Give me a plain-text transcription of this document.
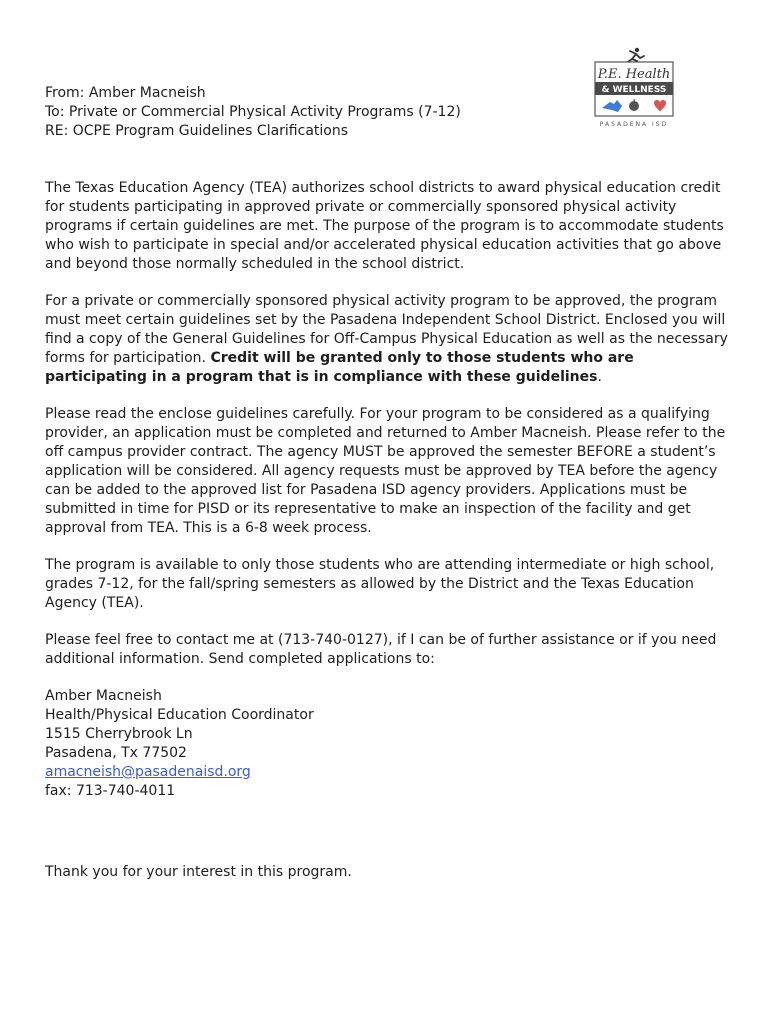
P.E. Health
& WELLNESS
PASADENA ISD
From: Amber Macneish
To: Private or Commercial Physical Activity Programs (7-12)
RE: OCPE Program Guidelines Clarifications

The Texas Education Agency (TEA) authorizes school districts to award physical education credit for students participating in approved private or commercially sponsored physical activity programs if certain guidelines are met. The purpose of the program is to accommodate students who wish to participate in special and/or accelerated physical education activities that go above and beyond those normally scheduled in the school district.

For a private or commercially sponsored physical activity program to be approved, the program must meet certain guidelines set by the Pasadena Independent School District. Enclosed you will find a copy of the General Guidelines for Off-Campus Physical Education as well as the necessary forms for participation. Credit will be granted only to those students who are participating in a program that is in compliance with these guidelines.

Please read the enclose guidelines carefully. For your program to be considered as a qualifying provider, an application must be completed and returned to Amber Macneish. Please refer to the off campus provider contract. The agency MUST be approved the semester BEFORE a student’s application will be considered. All agency requests must be approved by TEA before the agency can be added to the approved list for Pasadena ISD agency providers. Applications must be submitted in time for PISD or its representative to make an inspection of the facility and get approval from TEA. This is a 6-8 week process.

The program is available to only those students who are attending intermediate or high school, grades 7-12, for the fall/spring semesters as allowed by the District and the Texas Education Agency (TEA).

Please feel free to contact me at (713-740-0127), if I can be of further assistance or if you need additional information. Send completed applications to:

Amber Macneish
Health/Physical Education Coordinator
1515 Cherrybrook Ln
Pasadena, Tx 77502
amacneish@pasadenaisd.org
fax: 713-740-4011
Thank you for your interest in this program.
